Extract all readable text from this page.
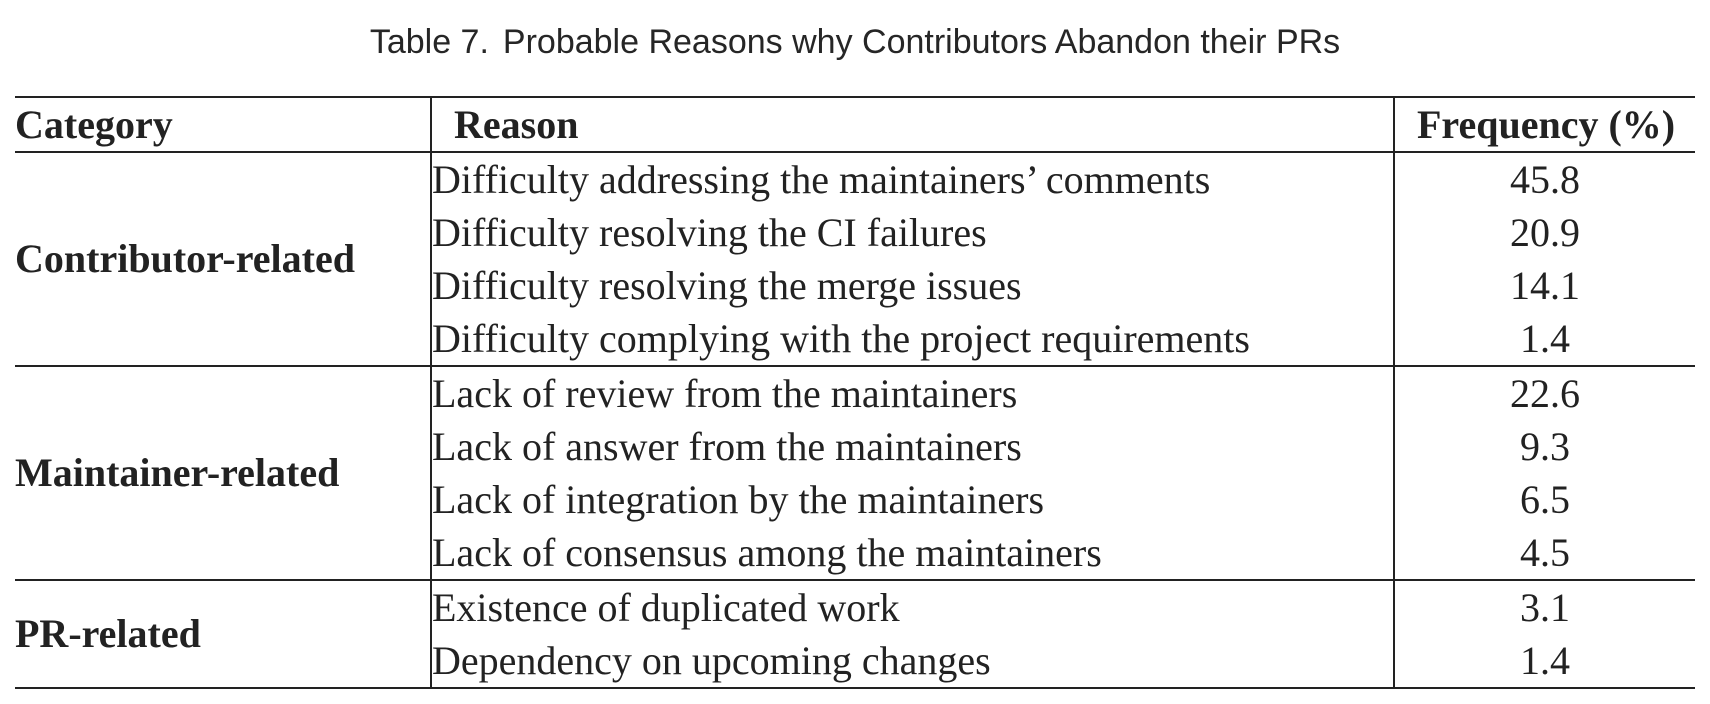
Table 7. Probable Reasons why Contributors Abandon their PRs
Category	Reason	Frequency (%)
Contributor-related	Difficulty addressing the maintainers’ comments	45.8
	Difficulty resolving the CI failures	20.9
	Difficulty resolving the merge issues	14.1
	Difficulty complying with the project requirements	1.4
Maintainer-related	Lack of review from the maintainers	22.6
	Lack of answer from the maintainers	9.3
	Lack of integration by the maintainers	6.5
	Lack of consensus among the maintainers	4.5
PR-related	Existence of duplicated work	3.1
	Dependency on upcoming changes	1.4
